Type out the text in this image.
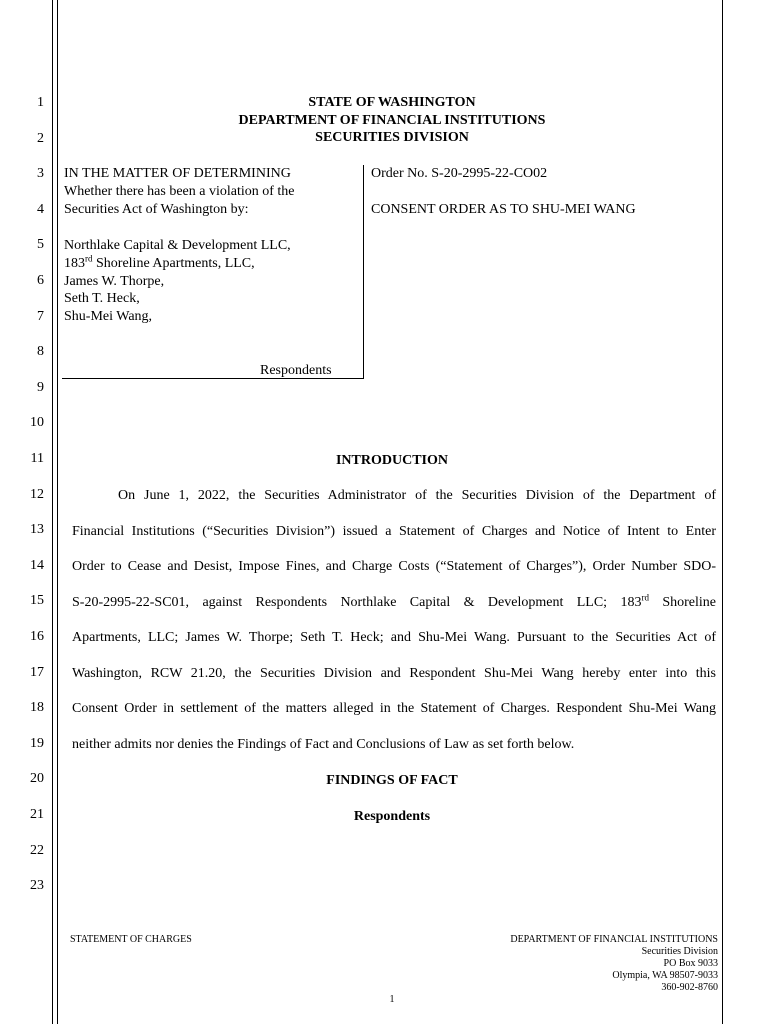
1
2
3
4
5
6
7
8
9
10
11
12
13
14
15
16
17
18
19
20
21
22
23
STATE OF WASHINGTON
DEPARTMENT OF FINANCIAL INSTITUTIONS
SECURITIES DIVISION
IN THE MATTER OF DETERMINING
Whether there has been a violation of the
Securities Act of Washington by:
Northlake Capital & Development LLC,
183rd Shoreline Apartments, LLC,
James W. Thorpe,
Seth T. Heck,
Shu-Mei Wang,
Respondents
Order No. S-20-2995-22-CO02
CONSENT ORDER AS TO SHU-MEI WANG
INTRODUCTION
On June 1, 2022, the Securities Administrator of the Securities Division of the Department of
Financial Institutions (“Securities Division”) issued a Statement of Charges and Notice of Intent to Enter
Order to Cease and Desist, Impose Fines, and Charge Costs (“Statement of Charges”), Order Number SDO-
S-20-2995-22-SC01, against Respondents Northlake Capital & Development LLC; 183rd Shoreline
Apartments, LLC; James W. Thorpe; Seth T. Heck; and Shu-Mei Wang. Pursuant to the Securities Act of
Washington, RCW 21.20, the Securities Division and Respondent Shu-Mei Wang hereby enter into this
Consent Order in settlement of the matters alleged in the Statement of Charges. Respondent Shu-Mei Wang
neither admits nor denies the Findings of Fact and Conclusions of Law as set forth below.
FINDINGS OF FACT
Respondents
STATEMENT OF CHARGES	DEPARTMENT OF FINANCIAL INSTITUTIONS
Securities Division
PO Box 9033
Olympia, WA 98507-9033
360-902-8760
1
